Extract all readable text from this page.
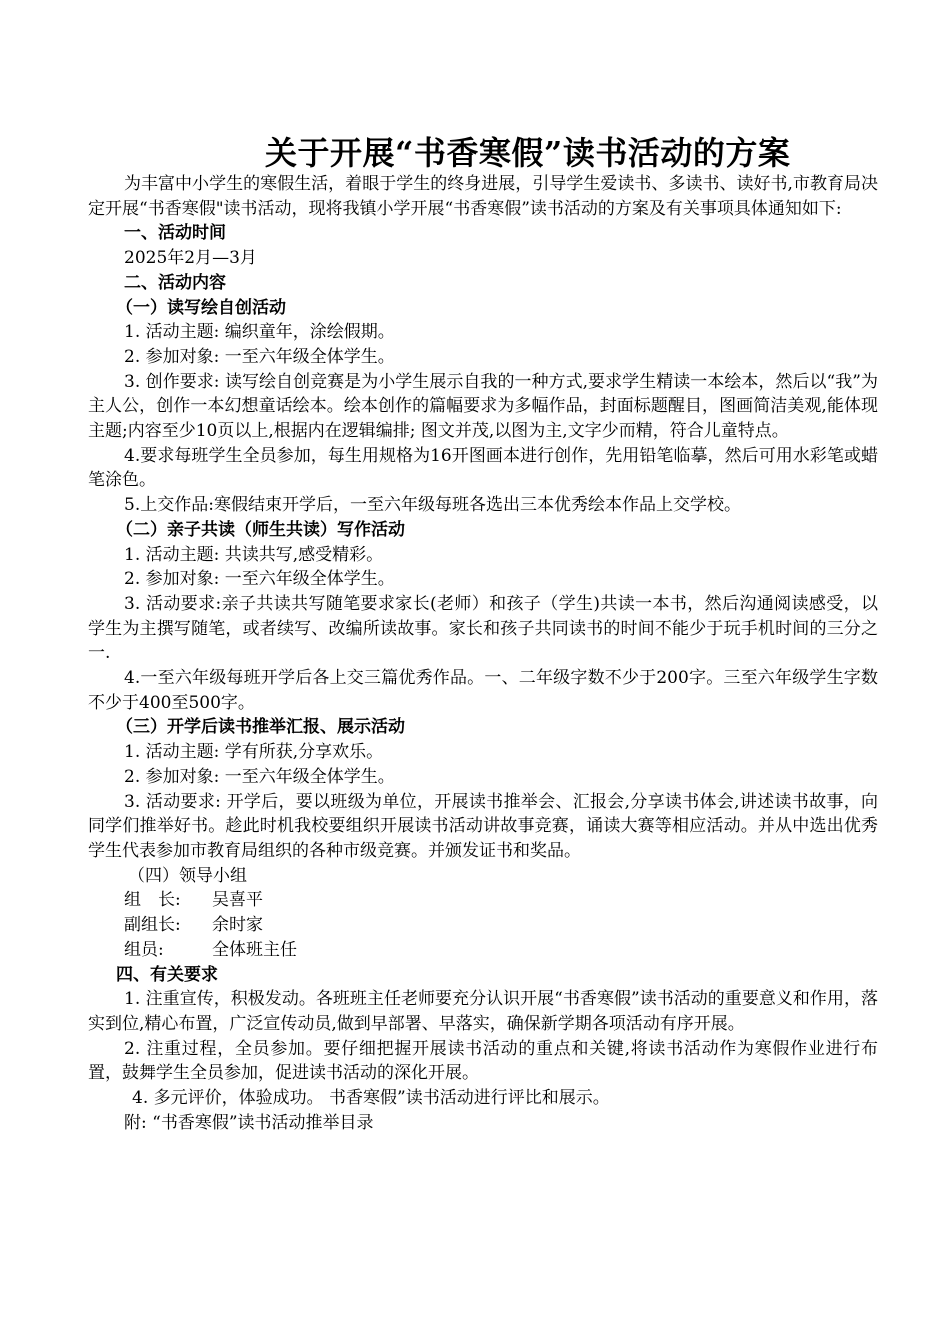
关于开展“书香寒假”读书活动的方案

为丰富中小学生的寒假生活，着眼于学生的终身进展，引导学生爱读书、多读书、读好书,市教育局决定开展“书香寒假"读书活动，现将我镇小学开展“书香寒假”读书活动的方案及有关事项具体通知如下:

一、活动时间

2025年2月—3月

二、活动内容

（一）读写绘自创活动

1. 活动主题: 编织童年，涂绘假期。

2. 参加对象: 一至六年级全体学生。

3. 创作要求: 读写绘自创竞赛是为小学生展示自我的一种方式,要求学生精读一本绘本，然后以“我”为主人公，创作一本幻想童话绘本。绘本创作的篇幅要求为多幅作品，封面标题醒目，图画简洁美观,能体现主题;内容至少10页以上,根据内在逻辑编排; 图文并茂,以图为主,文字少而精，符合儿童特点。

4.要求每班学生全员参加，每生用规格为16开图画本进行创作，先用铅笔临摹，然后可用水彩笔或蜡笔涂色。

5.上交作品:寒假结束开学后，一至六年级每班各选出三本优秀绘本作品上交学校。

（二）亲子共读（师生共读）写作活动

1. 活动主题: 共读共写,感受精彩。

2. 参加对象: 一至六年级全体学生。

3. 活动要求:亲子共读共写随笔要求家长(老师）和孩子（学生)共读一本书，然后沟通阅读感受，以学生为主撰写随笔，或者续写、改编所读故事。家长和孩子共同读书的时间不能少于玩手机时间的三分之一.

4.一至六年级每班开学后各上交三篇优秀作品。一、二年级字数不少于200字。三至六年级学生字数不少于400至500字。

（三）开学后读书推举汇报、展示活动

1. 活动主题: 学有所获,分享欢乐。

2. 参加对象: 一至六年级全体学生。

3. 活动要求: 开学后，要以班级为单位，开展读书推举会、汇报会,分享读书体会,讲述读书故事，向同学们推举好书。趁此时机我校要组织开展读书活动讲故事竞赛，诵读大赛等相应活动。并从中选出优秀学生代表参加市教育局组织的各种市级竞赛。并颁发证书和奖品。

（四）领导小组

组　长:	吴喜平
副组长:	余时家
组员:	全体班主任

四、有关要求

1. 注重宣传，积极发动。各班班主任老师要充分认识开展“书香寒假”读书活动的重要意义和作用，落实到位,精心布置，广泛宣传动员,做到早部署、早落实，确保新学期各项活动有序开展。

2. 注重过程，全员参加。要仔细把握开展读书活动的重点和关键,将读书活动作为寒假作业进行布置，鼓舞学生全员参加，促进读书活动的深化开展。

4. 多元评价，体验成功。 书香寒假”读书活动进行评比和展示。

附: “书香寒假”读书活动推举目录
